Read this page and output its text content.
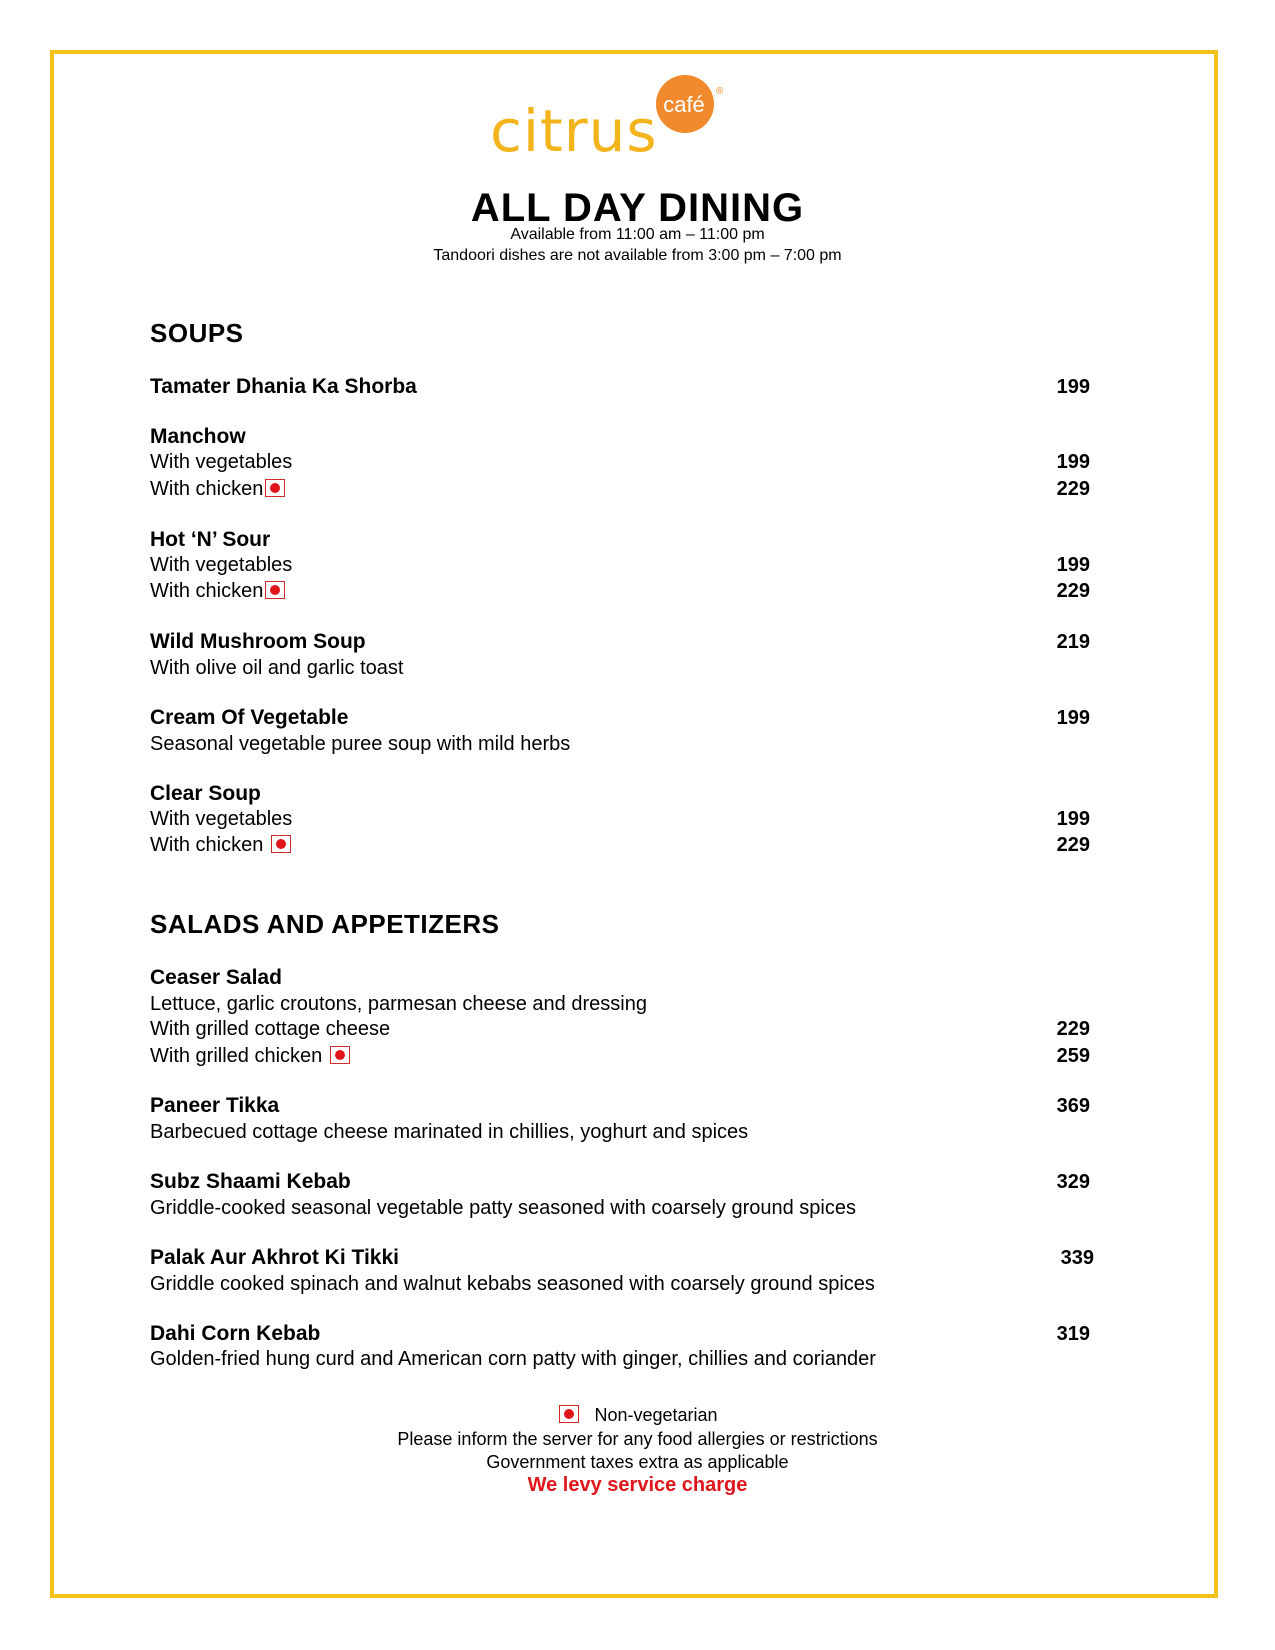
café
®
citrus
ALL DAY DINING
Available from 11:00 am – 11:00 pm
Tandoori dishes are not available from 3:00 pm – 7:00 pm
SOUPS
Tamater Dhania Ka Shorba	199
Manchow
With vegetables	199
With chicken	229
Hot ‘N’ Sour
With vegetables	199
With chicken	229
Wild Mushroom Soup	219
With olive oil and garlic toast
Cream Of Vegetable	199
Seasonal vegetable puree soup with mild herbs
Clear Soup
With vegetables	199
With chicken	229
SALADS AND APPETIZERS
Ceaser Salad
Lettuce, garlic croutons, parmesan cheese and dressing
With grilled cottage cheese	229
With grilled chicken	259
Paneer Tikka	369
Barbecued cottage cheese marinated in chillies, yoghurt and spices
Subz Shaami Kebab	329
Griddle-cooked seasonal vegetable patty seasoned with coarsely ground spices
Palak Aur Akhrot Ki Tikki	339
Griddle cooked spinach and walnut kebabs seasoned with coarsely ground spices
Dahi Corn Kebab	319
Golden-fried hung curd and American corn patty with ginger, chillies and coriander
Non-vegetarian
Please inform the server for any food allergies or restrictions
Government taxes extra as applicable
We levy service charge
